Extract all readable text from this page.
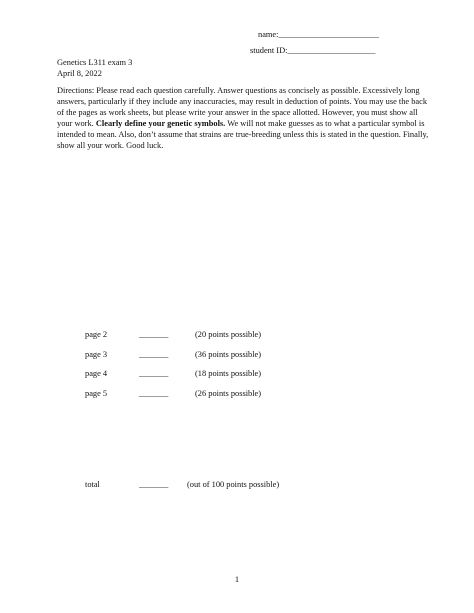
name:________________________
student ID:_____________________
Genetics L311 exam 3
April 8, 2022
Directions: Please read each question carefully. Answer questions as concisely as possible. Excessively long answers, particularly if they include any inaccuracies, may result in deduction of points. You may use the back of the pages as work sheets, but please write your answer in the space allotted. However, you must show all your work. Clearly define your genetic symbols. We will not make guesses as to what a particular symbol is intended to mean. Also, don’t assume that strains are true-breeding unless this is stated in the question. Finally, show all your work. Good luck.
page 2	_______	(20 points possible)
page 3	_______	(36 points possible)
page 4	_______	(18 points possible)
page 5	_______	(26 points possible)
total	_______ (out of 100 points possible)
1
